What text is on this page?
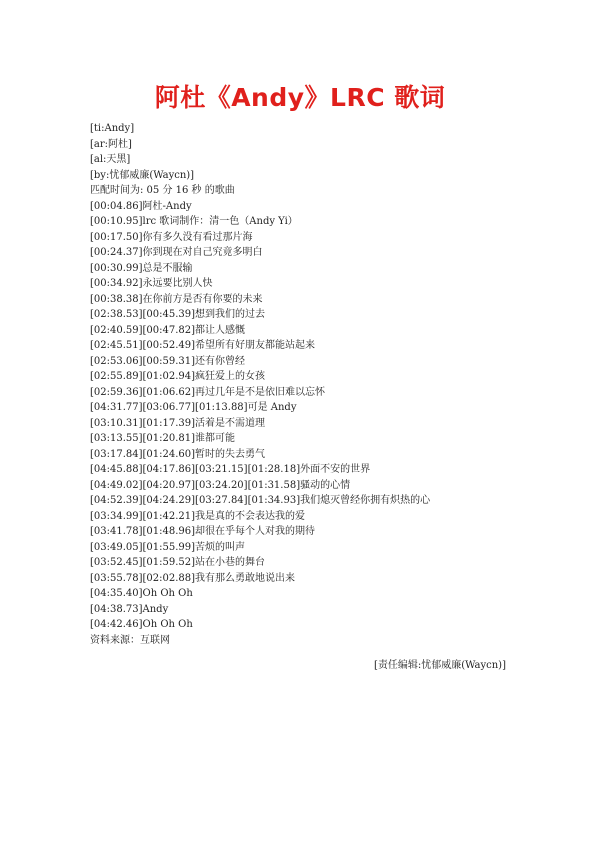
阿杜《Andy》LRC 歌词
[ti:Andy]
[ar:阿杜]
[al:天黑]
[by:忧郁威廉(Waycn)]
匹配时间为: 05 分 16 秒 的歌曲
[00:04.86]阿杜-Andy
[00:10.95]lrc 歌词制作：清一色（Andy Yi）
[00:17.50]你有多久没有看过那片海
[00:24.37]你到现在对自己究竟多明白
[00:30.99]总是不服输
[00:34.92]永远要比别人快
[00:38.38]在你前方是否有你要的未来
[02:38.53][00:45.39]想到我们的过去
[02:40.59][00:47.82]都让人感慨
[02:45.51][00:52.49]希望所有好朋友都能站起来
[02:53.06][00:59.31]还有你曾经
[02:55.89][01:02.94]疯狂爱上的女孩
[02:59.36][01:06.62]再过几年是不是依旧难以忘怀
[04:31.77][03:06.77][01:13.88]可是 Andy
[03:10.31][01:17.39]活着是不需道理
[03:13.55][01:20.81]谁都可能
[03:17.84][01:24.60]暂时的失去勇气
[04:45.88][04:17.86][03:21.15][01:28.18]外面不安的世界
[04:49.02][04:20.97][03:24.20][01:31.58]骚动的心情
[04:52.39][04:24.29][03:27.84][01:34.93]我们熄灭曾经你拥有炽热的心
[03:34.99][01:42.21]我是真的不会表达我的爱
[03:41.78][01:48.96]却很在乎每个人对我的期待
[03:49.05][01:55.99]苦烦的叫声
[03:52.45][01:59.52]站在小巷的舞台
[03:55.78][02:02.88]我有那么勇敢地说出来
[04:35.40]Oh Oh Oh
[04:38.73]Andy
[04:42.46]Oh Oh Oh
资料来源：互联网
[责任编辑:忧郁威廉(Waycn)]
